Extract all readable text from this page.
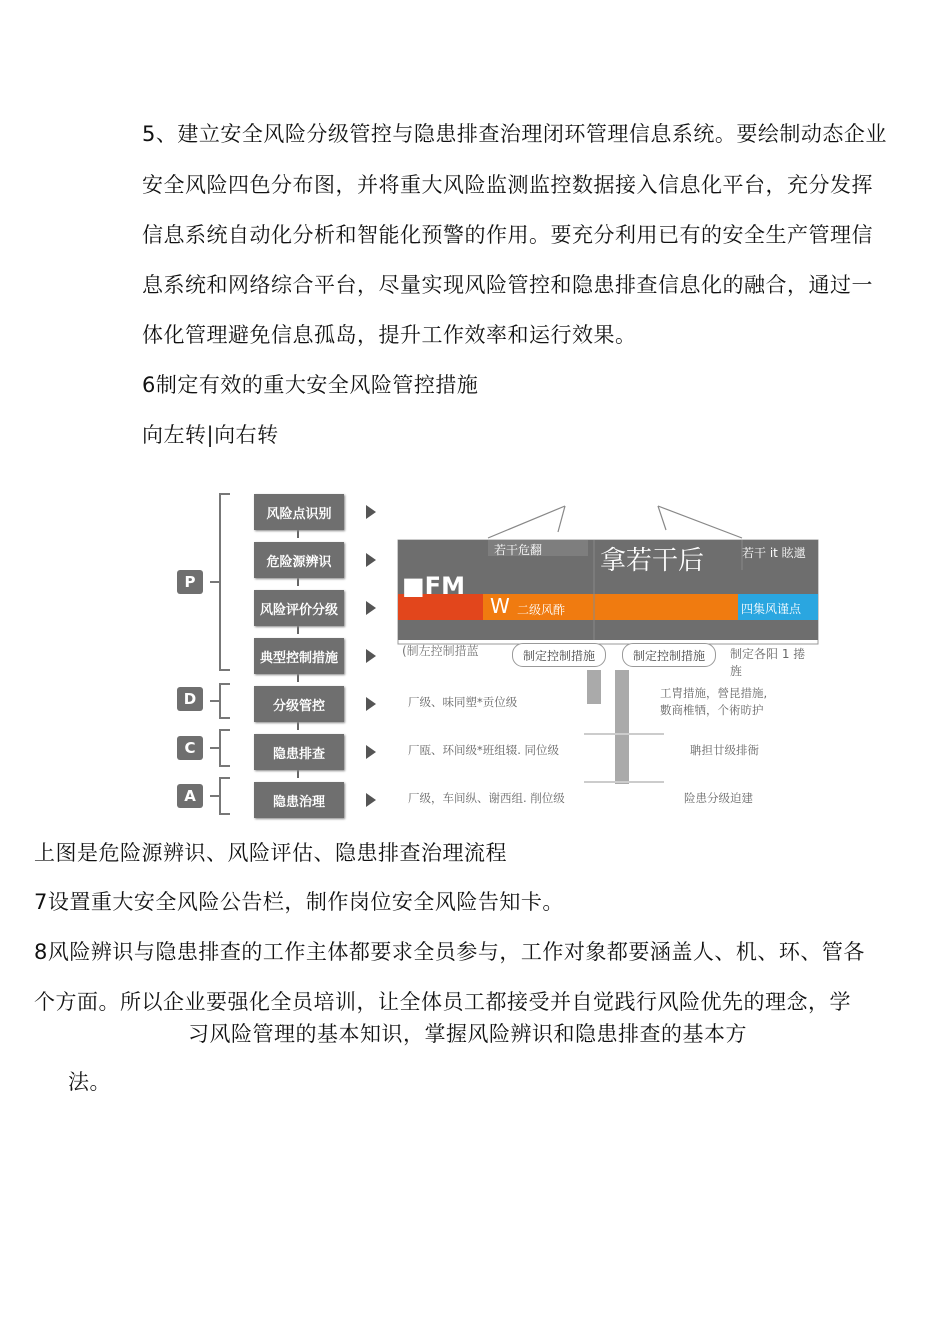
5、建立安全风险分级管控与隐患排查治理闭环管理信息系统。要绘制动态企业
安全风险四色分布图，并将重大风险监测监控数据接入信息化平台，充分发挥
信息系统自动化分析和智能化预警的作用。要充分利用已有的安全生产管理信
息系统和网络综合平台，尽量实现风险管控和隐患排查信息化的融合，通过一
体化管理避免信息孤岛，提升工作效率和运行效果。
6制定有效的重大安全风险管控措施
向左转|向右转
P
D
C
A
风险点识别
危险源辨识
风险评价分级
典型控制措施
分级管控
隐患排查
隐患治理
若干危翻 拿若干后	若干 it 眩邋
■FM
W 二级风酢	四集风谨点
(制左控制措蓝	制定控制措施	制定控制措施	制定各阳 1 捲旌
厂级、味同塑*贡位级
工胄措施，營昆措施,
數商椎牺，个術昉护
厂瓯、环间级*班组辍. 同位级	聃担廿级排衙
厂级，车间纵、谢西组. 削位级	险患分级迫建
上图是危险源辨识、风险评估、隐患排查治理流程
7设置重大安全风险公告栏，制作岗位安全风险告知卡。
8风险辨识与隐患排查的工作主体都要求全员参与，工作对象都要涵盖人、机、环、管各
个方面。所以企业要强化全员培训，让全体员工都接受并自觉践行风险优先的理念，学
习风险管理的基本知识，掌握风险辨识和隐患排查的基本方
法。
